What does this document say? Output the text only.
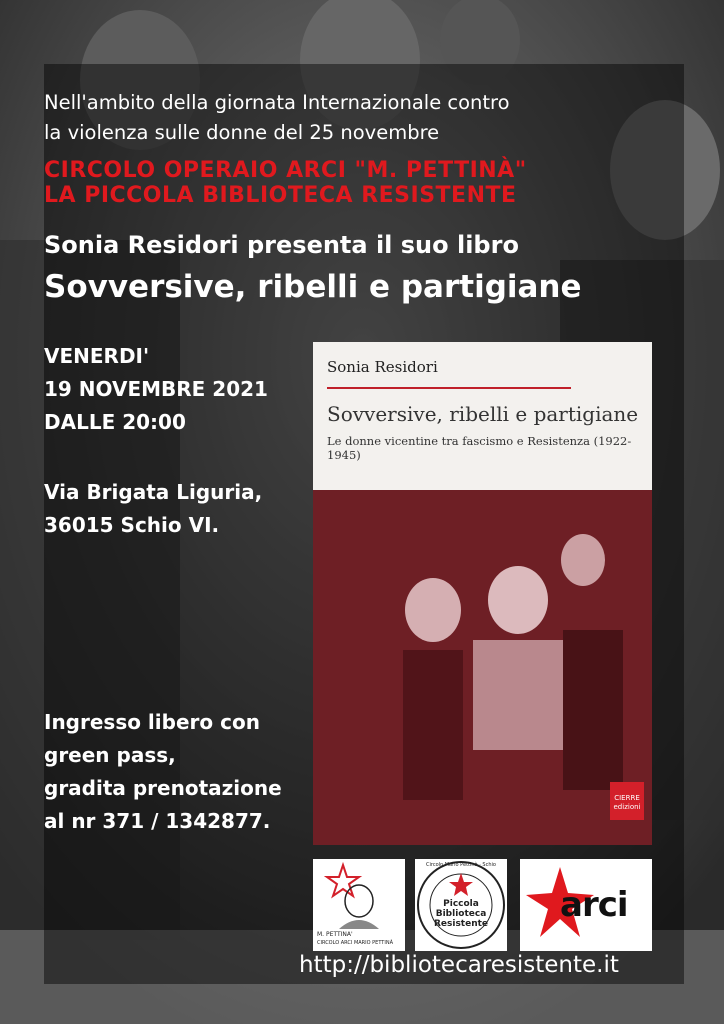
Nell'ambito della giornata Internazionale contro
la violenza sulle donne del 25 novembre
CIRCOLO OPERAIO ARCI "M. PETTINÀ"
LA PICCOLA BIBLIOTECA RESISTENTE
Sonia Residori presenta il suo libro
Sovversive, ribelli e partigiane
VENERDI'
19 NOVEMBRE 2021
DALLE 20:00
Via Brigata Liguria,
36015 Schio VI.
Ingresso libero con
green pass,
gradita prenotazione
al nr 371 / 1342877.
Sonia Residori
Sovversive, ribelli e partigiane
Le donne vicentine tra fascismo e Resistenza (1922-1945)
CIERRE
edizioni
M. PETTINA'
CIRCOLO ARCI MARIO PETTINÀ
Circolo Mario Pettinà · Schio
Piccola
Biblioteca
Resistente	arci
http://bibliotecaresistente.it
